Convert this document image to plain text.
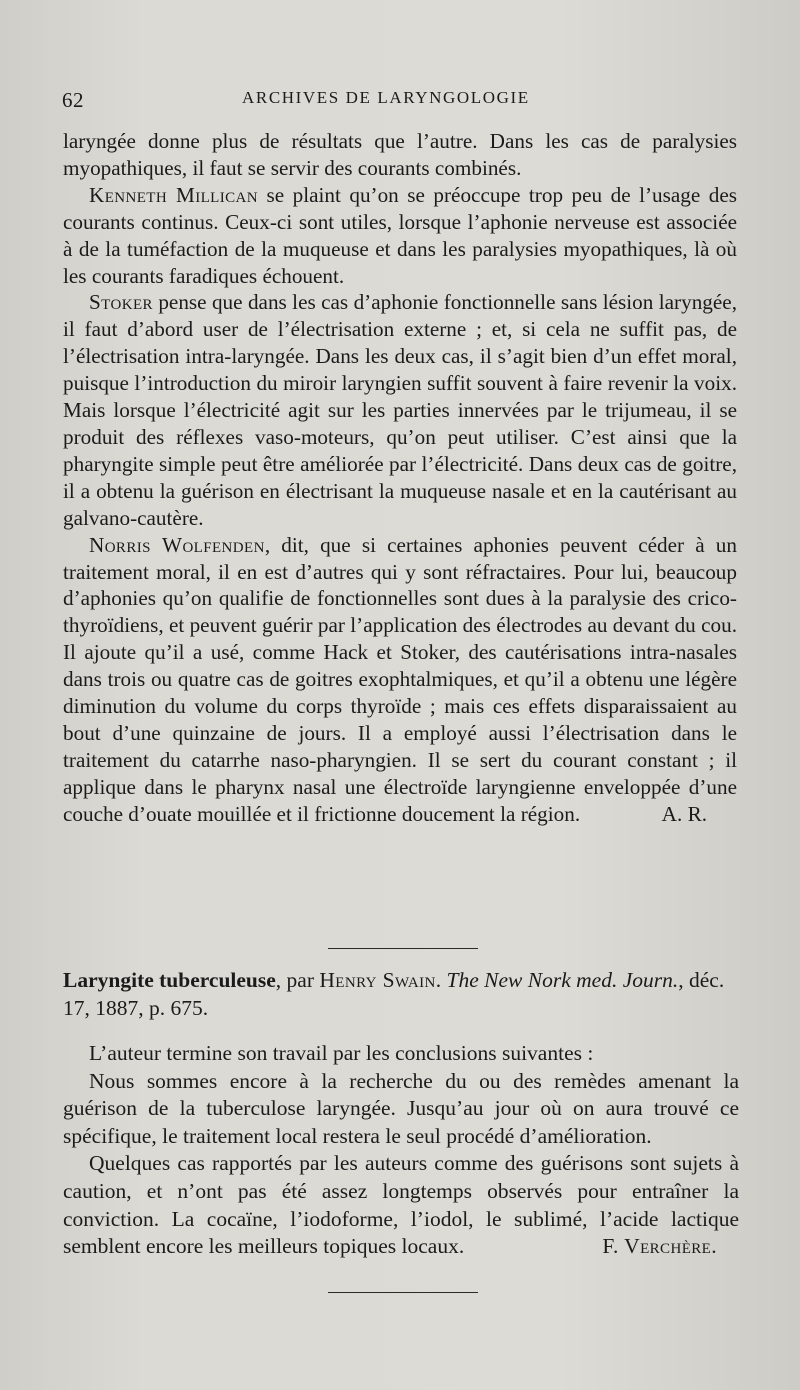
62	ARCHIVES DE LARYNGOLOGIE

laryngée donne plus de résultats que l’autre. Dans les cas de paralysies myopathiques, il faut se servir des courants combinés.

Kenneth Millican se plaint qu’on se préoccupe trop peu de l’usage des courants continus. Ceux-ci sont utiles, lorsque l’aphonie nerveuse est associée à de la tuméfaction de la muqueuse et dans les paralysies myopathiques, là où les courants faradiques échouent.

Stoker pense que dans les cas d’aphonie fonctionnelle sans lésion laryngée, il faut d’abord user de l’électrisation externe ; et, si cela ne suffit pas, de l’électrisation intra-laryngée. Dans les deux cas, il s’agit bien d’un effet moral, puisque l’introduction du miroir laryngien suffit souvent à faire revenir la voix. Mais lorsque l’électricité agit sur les parties innervées par le trijumeau, il se produit des réflexes vaso-moteurs, qu’on peut utiliser. C’est ainsi que la pharyngite simple peut être améliorée par l’électricité. Dans deux cas de goitre, il a obtenu la guérison en électrisant la muqueuse nasale et en la cautérisant au galvano-cautère.

Norris Wolfenden, dit, que si certaines aphonies peuvent céder à un traitement moral, il en est d’autres qui y sont réfractaires. Pour lui, beaucoup d’aphonies qu’on qualifie de fonctionnelles sont dues à la paralysie des crico-thyroïdiens, et peuvent guérir par l’application des électrodes au devant du cou. Il ajoute qu’il a usé, comme Hack et Stoker, des cautérisations intra-nasales dans trois ou quatre cas de goitres exophtalmiques, et qu’il a obtenu une légère diminution du volume du corps thyroïde ; mais ces effets disparaissaient au bout d’une quinzaine de jours. Il a employé aussi l’électrisation dans le traitement du catarrhe naso-pharyngien. Il se sert du courant constant ; il applique dans le pharynx nasal une électroïde laryngienne enveloppée d’une couche d’ouate mouillée et il frictionne doucement la région.	A. R.

Laryngite tuberculeuse, par Henry Swain. The New Nork med. Journ., déc. 17, 1887, p. 675.

L’auteur termine son travail par les conclusions suivantes :

Nous sommes encore à la recherche du ou des remèdes amenant la guérison de la tuberculose laryngée. Jusqu’au jour où on aura trouvé ce spécifique, le traitement local restera le seul procédé d’amélioration.

Quelques cas rapportés par les auteurs comme des guérisons sont sujets à caution, et n’ont pas été assez longtemps observés pour entraîner la conviction. La cocaïne, l’iodoforme, l’iodol, le sublimé, l’acide lactique semblent encore les meilleurs topiques locaux.	F. Verchère.
